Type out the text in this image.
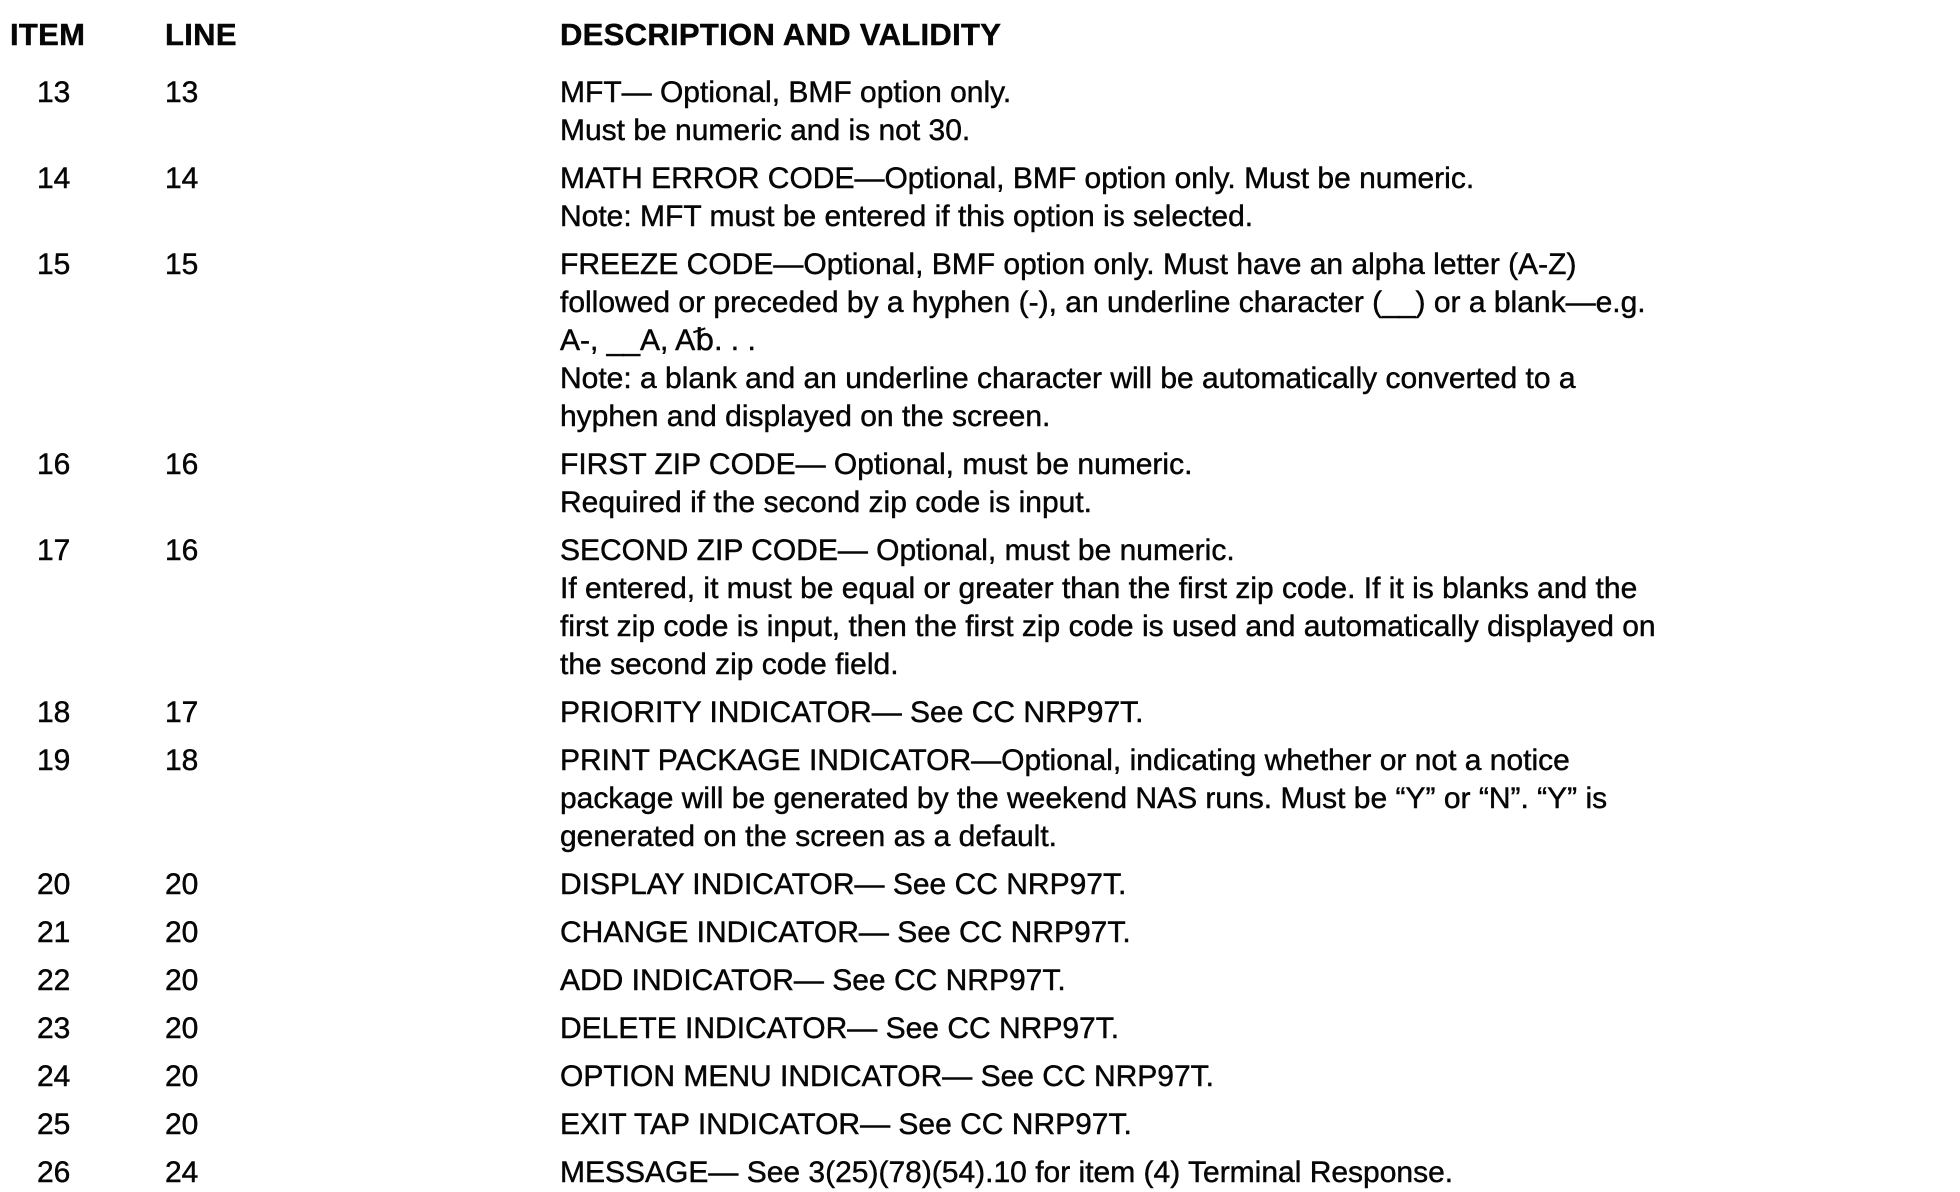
ITEM	LINE	DESCRIPTION AND VALIDITY
13	13	MFT— Optional, BMF option only.
Must be numeric and is not 30.
14	14	MATH ERROR CODE—Optional, BMF option only. Must be numeric.
Note: MFT must be entered if this option is selected.
15	15	FREEZE CODE—Optional, BMF option only. Must have an alpha letter (A-Z)
followed or preceded by a hyphen (-), an underline character (__) or a blank—e.g.
A-, __A, A␢. . .
Note: a blank and an underline character will be automatically converted to a
hyphen and displayed on the screen.
16	16	FIRST ZIP CODE— Optional, must be numeric.
Required if the second zip code is input.
17	16	SECOND ZIP CODE— Optional, must be numeric.
If entered, it must be equal or greater than the first zip code. If it is blanks and the
first zip code is input, then the first zip code is used and automatically displayed on
the second zip code field.
18	17	PRIORITY INDICATOR— See CC NRP97T.
19	18	PRINT PACKAGE INDICATOR—Optional, indicating whether or not a notice
package will be generated by the weekend NAS runs. Must be “Y” or “N”. “Y” is
generated on the screen as a default.
20	20	DISPLAY INDICATOR— See CC NRP97T.
21	20	CHANGE INDICATOR— See CC NRP97T.
22	20	ADD INDICATOR— See CC NRP97T.
23	20	DELETE INDICATOR— See CC NRP97T.
24	20	OPTION MENU INDICATOR— See CC NRP97T.
25	20	EXIT TAP INDICATOR— See CC NRP97T.
26	24	MESSAGE— See 3(25)(78)(54).10 for item (4) Terminal Response.
